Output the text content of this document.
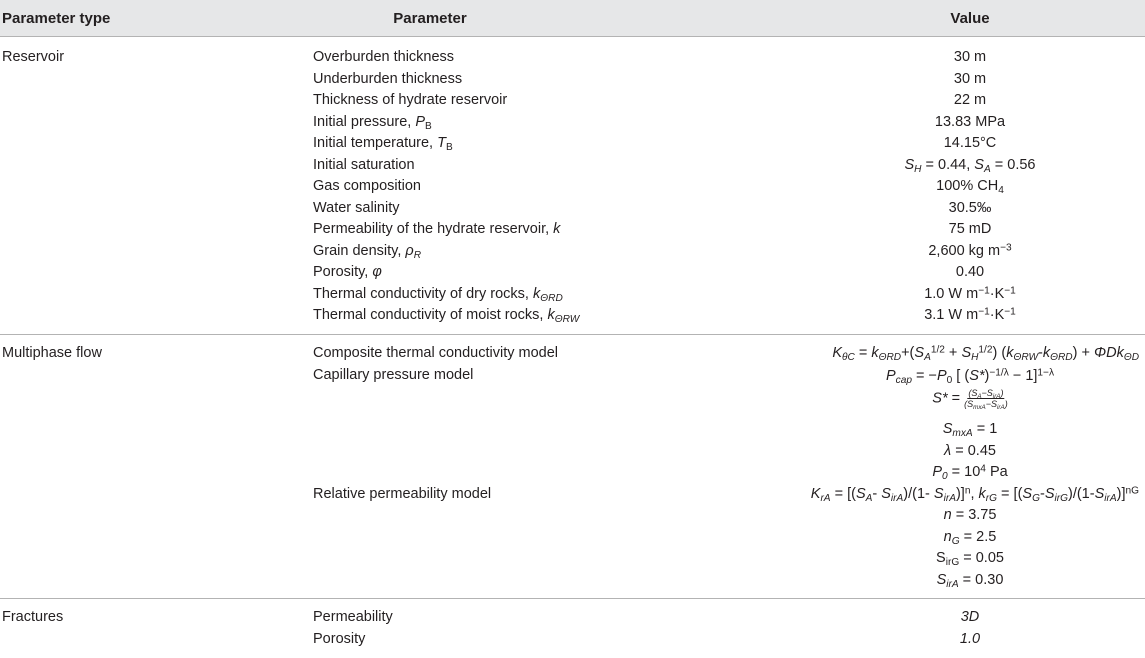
Parameter type	Parameter	Value
Reservoir	Overburden thickness	30 m
Underburden thickness	30 m
Thickness of hydrate reservoir	22 m
Initial pressure, $P_B$	13.83 MPa
Initial temperature, $T_B$	14.15°C
Initial saturation	$S_H = 0.44$, $S_A = 0.56$
Gas composition	100% $CH_4$
Water salinity	30.5‰
Permeability of the hydrate reservoir, k	75 mD
Grain density, $\rho_R$	2,600 kg $m^{-3}$
Porosity, φ	0.40
Thermal conductivity of dry rocks, $k_{\Theta RD}$	1.0 W $m^{-1}\cdot K^{-1}$
Thermal conductivity of moist rocks, $k_{\Theta RW}$	3.1 W $m^{-1}\cdot K^{-1}$
Multiphase flow	Composite thermal conductivity model	$K_{\theta C} = k_{\Theta RD}+(S_A^{1/2} + S_H^{1/2}) (k_{\Theta RW}-k_{\Theta RD}) + \Phi Dk_{\Theta D}$
Capillary pressure model	$P_{cap} = -P_0$ [ $(S*)^{-1/\lambda} - 1]^{1-\lambda}$
$S* = \frac{(S_A-S_{irA})}{(S_{mxA}-S_{irA})}$
$S_{mxA} = 1$
λ = 0.45
$P_0 = 10^4$ Pa
Relative permeability model	$K_{rA} = [(S_A-$ $S_{irA})/(1-$ $S_{irA})]^n$, $k_{rG} = [(S_G-S_{irG})/(1-S_{irA})]^{nG}$
n = 3.75
$n_G = 2.5$
$S_{irG} = 0.05$
$S_{irA} = 0.30$
Fractures	Permeability	3D
Porosity	1.0
